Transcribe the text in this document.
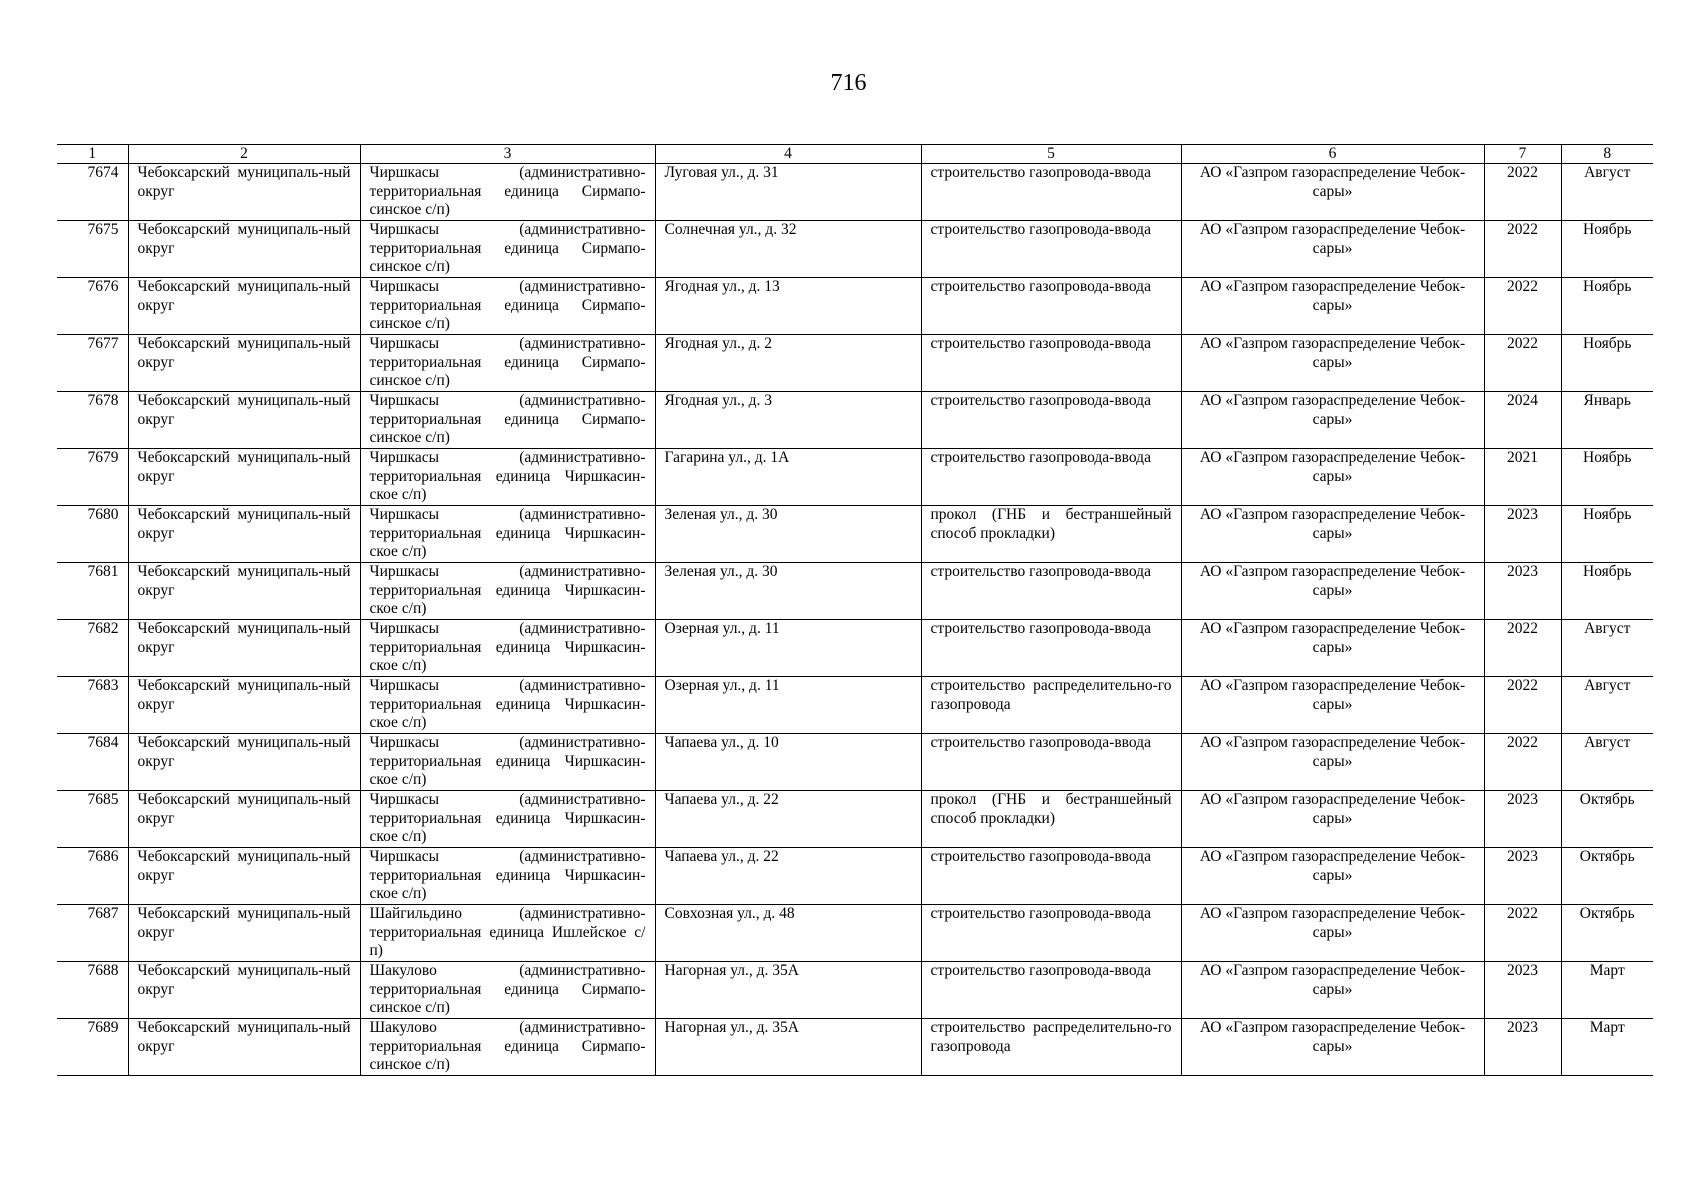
716
1	2	3	4	5	6	7	8
7674	Чебоксарский муниципаль-ный округ	Чиршкасы (административно-территориальная единица Сирмапо-синское с/п)	Луговая ул., д. 31	строительство газопровода-ввода	АО «Газпром газораспределение Чебок-сары»	2022	Август
7675	Чебоксарский муниципаль-ный округ	Чиршкасы (административно-территориальная единица Сирмапо-синское с/п)	Солнечная ул., д. 32	строительство газопровода-ввода	АО «Газпром газораспределение Чебок-сары»	2022	Ноябрь
7676	Чебоксарский муниципаль-ный округ	Чиршкасы (административно-территориальная единица Сирмапо-синское с/п)	Ягодная ул., д. 13	строительство газопровода-ввода	АО «Газпром газораспределение Чебок-сары»	2022	Ноябрь
7677	Чебоксарский муниципаль-ный округ	Чиршкасы (административно-территориальная единица Сирмапо-синское с/п)	Ягодная ул., д. 2	строительство газопровода-ввода	АО «Газпром газораспределение Чебок-сары»	2022	Ноябрь
7678	Чебоксарский муниципаль-ный округ	Чиршкасы (административно-территориальная единица Сирмапо-синское с/п)	Ягодная ул., д. 3	строительство газопровода-ввода	АО «Газпром газораспределение Чебок-сары»	2024	Январь
7679	Чебоксарский муниципаль-ный округ	Чиршкасы (административно-территориальная единица Чиршкасин-ское с/п)	Гагарина ул., д. 1А	строительство газопровода-ввода	АО «Газпром газораспределение Чебок-сары»	2021	Ноябрь
7680	Чебоксарский муниципаль-ный округ	Чиршкасы (административно-территориальная единица Чиршкасин-ское с/п)	Зеленая ул., д. 30	прокол (ГНБ и бестраншейный способ прокладки)	АО «Газпром газораспределение Чебок-сары»	2023	Ноябрь
7681	Чебоксарский муниципаль-ный округ	Чиршкасы (административно-территориальная единица Чиршкасин-ское с/п)	Зеленая ул., д. 30	строительство газопровода-ввода	АО «Газпром газораспределение Чебок-сары»	2023	Ноябрь
7682	Чебоксарский муниципаль-ный округ	Чиршкасы (административно-территориальная единица Чиршкасин-ское с/п)	Озерная ул., д. 11	строительство газопровода-ввода	АО «Газпром газораспределение Чебок-сары»	2022	Август
7683	Чебоксарский муниципаль-ный округ	Чиршкасы (административно-территориальная единица Чиршкасин-ское с/п)	Озерная ул., д. 11	строительство распределительно-го газопровода	АО «Газпром газораспределение Чебок-сары»	2022	Август
7684	Чебоксарский муниципаль-ный округ	Чиршкасы (административно-территориальная единица Чиршкасин-ское с/п)	Чапаева ул., д. 10	строительство газопровода-ввода	АО «Газпром газораспределение Чебок-сары»	2022	Август
7685	Чебоксарский муниципаль-ный округ	Чиршкасы (административно-территориальная единица Чиршкасин-ское с/п)	Чапаева ул., д. 22	прокол (ГНБ и бестраншейный способ прокладки)	АО «Газпром газораспределение Чебок-сары»	2023	Октябрь
7686	Чебоксарский муниципаль-ный округ	Чиршкасы (административно-территориальная единица Чиршкасин-ское с/п)	Чапаева ул., д. 22	строительство газопровода-ввода	АО «Газпром газораспределение Чебок-сары»	2023	Октябрь
7687	Чебоксарский муниципаль-ный округ	Шайгильдино (административно-территориальная единица Ишлейское с/п)	Совхозная ул., д. 48	строительство газопровода-ввода	АО «Газпром газораспределение Чебок-сары»	2022	Октябрь
7688	Чебоксарский муниципаль-ный округ	Шакулово (административно-территориальная единица Сирмапо-синское с/п)	Нагорная ул., д. 35А	строительство газопровода-ввода	АО «Газпром газораспределение Чебок-сары»	2023	Март
7689	Чебоксарский муниципаль-ный округ	Шакулово (административно-территориальная единица Сирмапо-синское с/п)	Нагорная ул., д. 35А	строительство распределительно-го газопровода	АО «Газпром газораспределение Чебок-сары»	2023	Март
